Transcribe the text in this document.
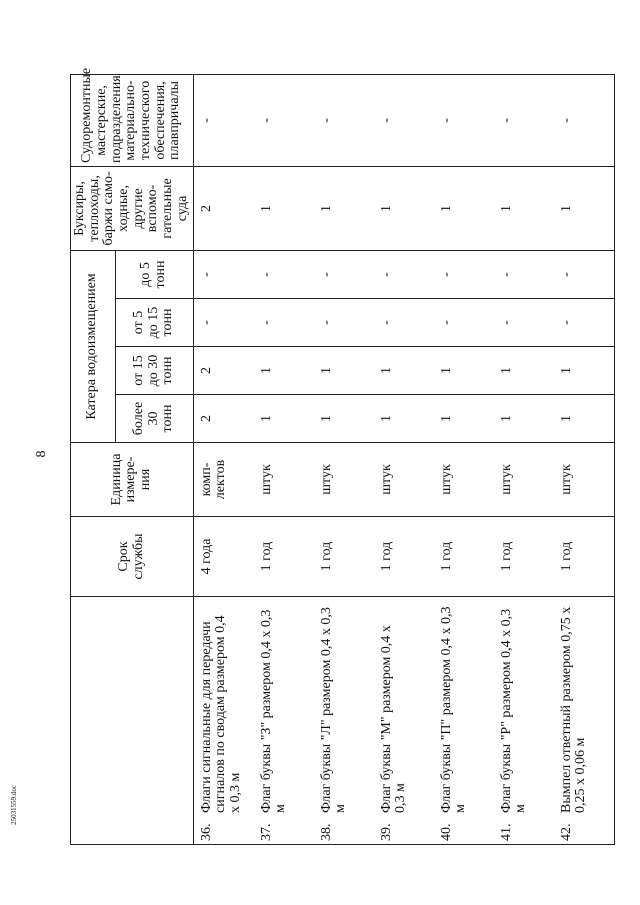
8
25031559.doc
	Срок службы	Единица измере-ния	Катера водоизмещением				Буксиры, теплоходы, баржи само-ходные, другие вспомо-гательные суда	Судоремонтные мастерские, подразделения материально-технического обеспечения, плавпричалы
			более 30 тонн	от 15 до 30 тонн	от 5 до 15 тонн	до 5 тонн		
36.Флаги сигнальные для передачи сигналов по сводам размером 0,4 х 0,3 м	4 года	комп-лектов	2	2	-	-	2	-
37.Флаг буквы "З" размером 0,4 х 0,3 м	1 год	штук	1	1	-	-	1	-
38.Флаг буквы "Л" размером 0,4 х 0,3 м	1 год	штук	1	1	-	-	1	-
39.Флаг буквы "М" размером 0,4 х 0,3 м	1 год	штук	1	1	-	-	1	-
40.Флаг буквы "П" размером 0,4 х 0,3 м	1 год	штук	1	1	-	-	1	-
41.Флаг буквы "Р" размером 0,4 х 0,3 м	1 год	штук	1	1	-	-	1	-
42.Вымпел ответный размером 0,75 х 0,25 х 0,06 м	1 год	штук	1	1	-	-	1	-
